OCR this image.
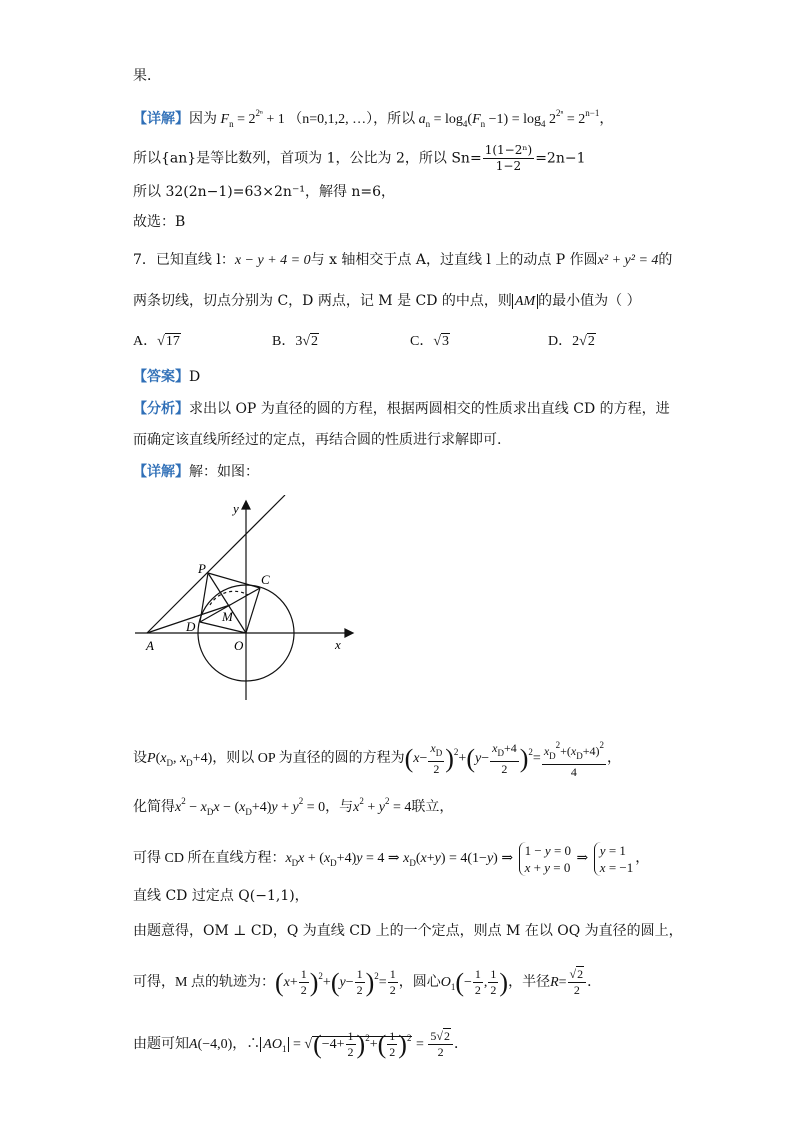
果．
【详解】因为 $F_n = 2^{2^n} + 1$ （n=0,1,2, …），所以 $a_n = \log_4(F_n -1) = \log_4 2^{2^n} = 2^{n-1}$，
所以{an}是等比数列，首项为 1，公比为 2，所以 $Sn= \frac{\text{1(1−2ⁿ)}}{1-2} =2n-1$
所以 32(2n−1)=63×2n⁻¹，解得 n=6，
故选：B
7．已知直线 l：x − y + 4 = 0与 x 轴相交于点 A，过直线 l 上的动点 P 作圆x² + y² = 4的
两条切线，切点分别为 C，D 两点，记 M 是 CD 的中点，则 AM 的最小值为（ ）
A．√17	B．3√2	C．√3	D．2√2
【答案】D
【分析】求出以 OP 为直径的圆的方程，根据两圆相交的性质求出直线 CD 的方程，进
而确定该直线所经过的定点，再结合圆的性质进行求解即可.
【详解】解：如图：
y
P
C
D
M
A	O	x
设$P(x_D$, $x_D+4$)，则以 OP 为直径的圆的方程为$(x- \frac{x_D}{2} )^2+(y- \frac{x_D+4}{2} )^2= \frac{x_D^2+(x_D+4)^2}{4}$ ，
化简得$x^2 - x_Dx - (x_D+4)y + y^2 = 0$，与$x^2 + y^2 = 4$联立，
可得 CD 所在直线方程：$x_Dx + (x_D+4)y = 4$ ⇒ $x_D(x+y) = 4(1-y)$ ⇒ 1 − y = 0
x + y = 0 ⇒ y = 1
x = −1，
直线 CD 过定点 Q(−1,1)，
由题意得，OM ⊥ CD，Q 为直线 CD 上的一个定点，则点 M 在以 OQ 为直径的圆上，
可得，M 点的轨迹为：$(x+ \frac{1}{2} )^2+(y- \frac{1}{2} )^2= \frac{1}{2}$ ，圆心$O_1(- \frac{1}{2}$ , $\frac{1}{2}$ )，半径$R= \frac{√2}{2}$ ．
由题可知A(−4,0)，∴ $AO_1 = √(-4+ \frac{1}{2} )^2+( \frac{1}{2} )^2 = \frac{5√2}{2}$ ．
